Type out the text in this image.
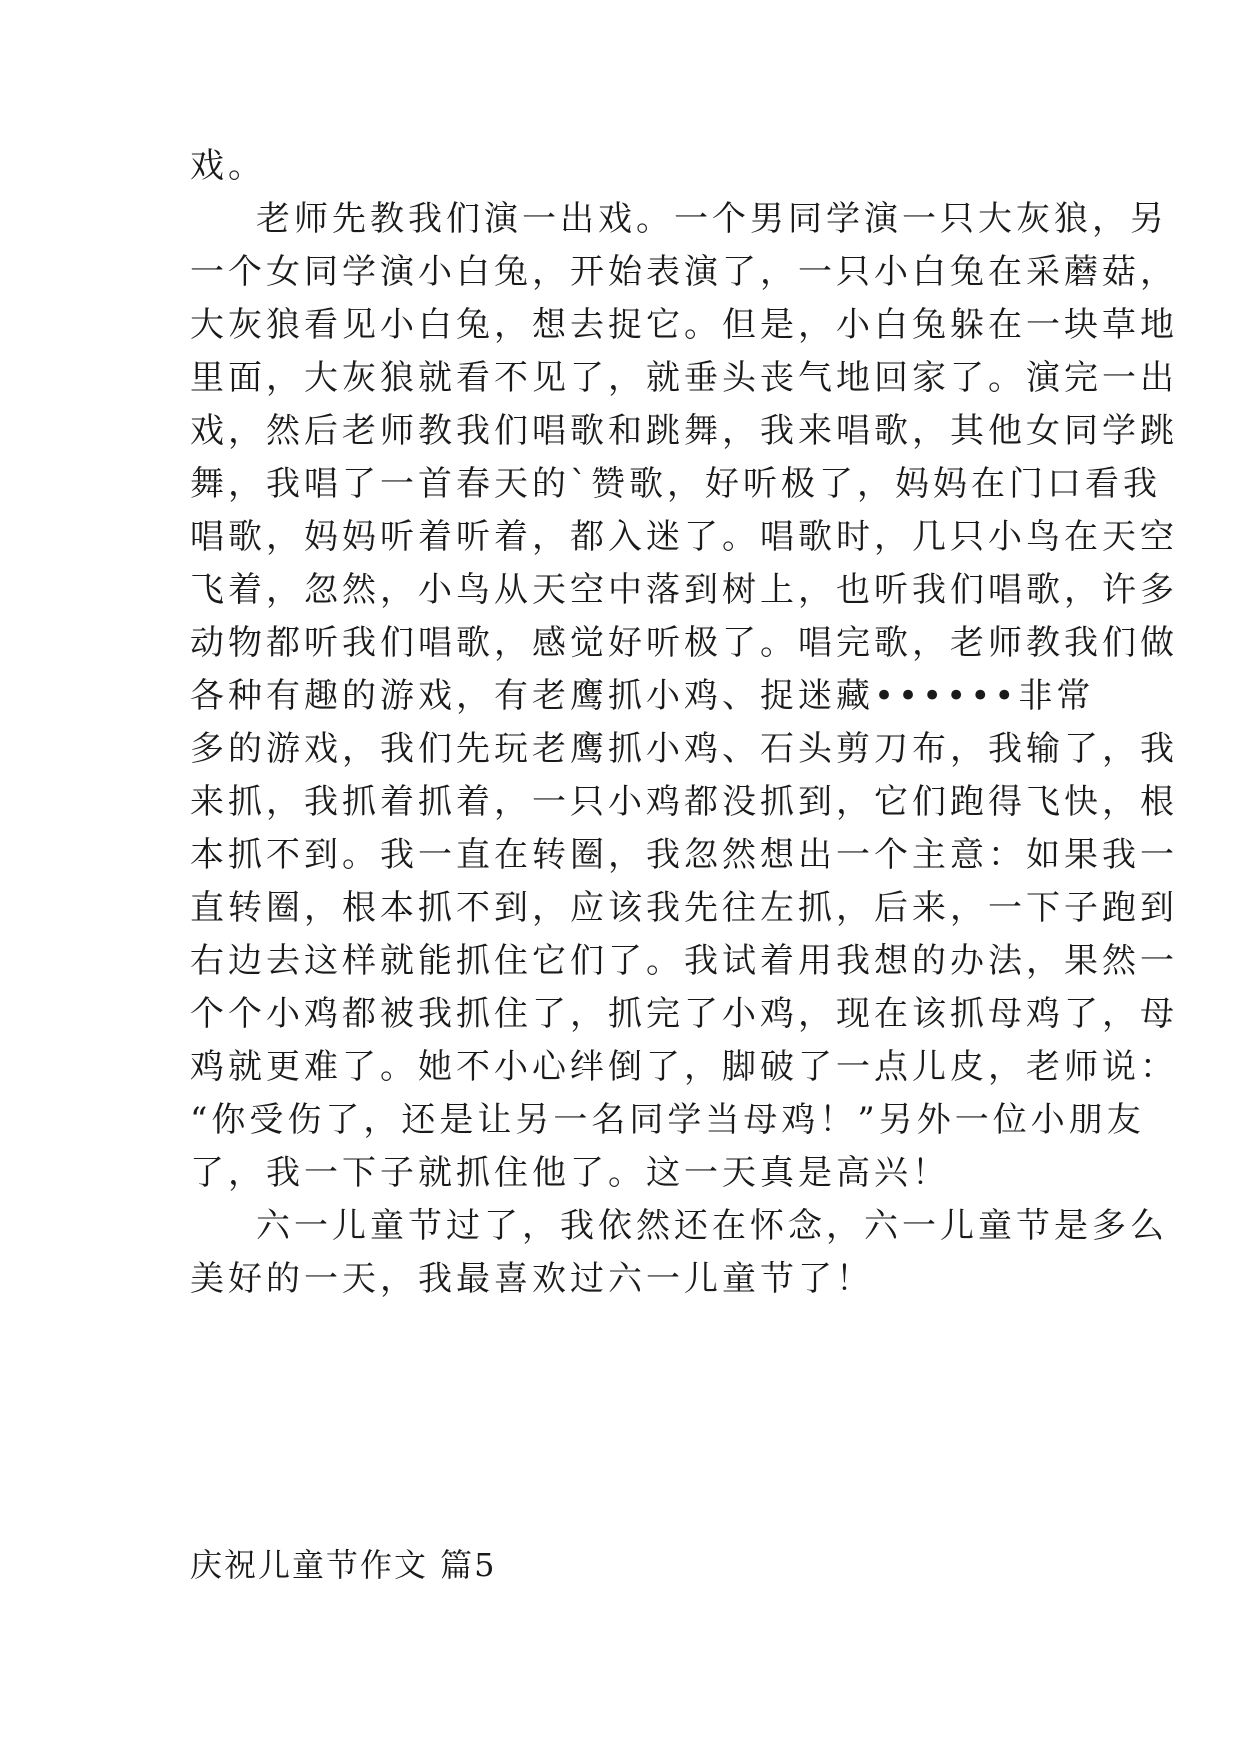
戏。
老师先教我们演一出戏。一个男同学演一只大灰狼，另
一个女同学演小白兔，开始表演了，一只小白兔在采蘑菇，
大灰狼看见小白兔，想去捉它。但是，小白兔躲在一块草地
里面，大灰狼就看不见了，就垂头丧气地回家了。演完一出
戏，然后老师教我们唱歌和跳舞，我来唱歌，其他女同学跳
舞，我唱了一首春天的`赞歌，好听极了，妈妈在门口看我
唱歌，妈妈听着听着，都入迷了。唱歌时，几只小鸟在天空
飞着，忽然，小鸟从天空中落到树上，也听我们唱歌，许多
动物都听我们唱歌，感觉好听极了。唱完歌，老师教我们做
各种有趣的游戏，有老鹰抓小鸡、捉迷藏••••••非常
多的游戏，我们先玩老鹰抓小鸡、石头剪刀布，我输了，我
来抓，我抓着抓着，一只小鸡都没抓到，它们跑得飞快，根
本抓不到。我一直在转圈，我忽然想出一个主意：如果我一
直转圈，根本抓不到，应该我先往左抓，后来，一下子跑到
右边去这样就能抓住它们了。我试着用我想的办法，果然一
个个小鸡都被我抓住了，抓完了小鸡，现在该抓母鸡了，母
鸡就更难了。她不小心绊倒了，脚破了一点儿皮，老师说：
“你受伤了，还是让另一名同学当母鸡！”另外一位小朋友
了，我一下子就抓住他了。这一天真是高兴！
六一儿童节过了，我依然还在怀念，六一儿童节是多么
美好的一天，我最喜欢过六一儿童节了！
庆祝儿童节作文 篇5
